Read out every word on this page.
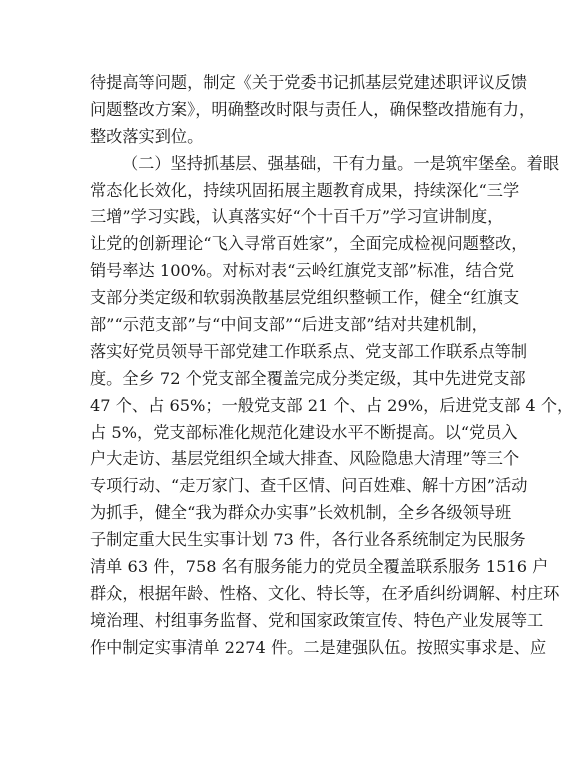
待提高等问题，制定《关于党委书记抓基层党建述职评议反馈
问题整改方案》，明确整改时限与责任人，确保整改措施有力，
整改落实到位。
（二）坚持抓基层、强基础，干有力量。一是筑牢堡垒。着眼
常态化长效化，持续巩固拓展主题教育成果，持续深化“三学
三增”学习实践，认真落实好“个十百千万”学习宣讲制度，
让党的创新理论“飞入寻常百姓家”，全面完成检视问题整改，
销号率达 100%。对标对表“云岭红旗党支部”标准，结合党
支部分类定级和软弱涣散基层党组织整顿工作，健全“红旗支
部”“示范支部”与“中间支部”“后进支部”结对共建机制，
落实好党员领导干部党建工作联系点、党支部工作联系点等制
度。全乡 72 个党支部全覆盖完成分类定级，其中先进党支部
47 个、占 65%；一般党支部 21 个、占 29%，后进党支部 4 个，
占 5%，党支部标准化规范化建设水平不断提高。以“党员入
户大走访、基层党组织全域大排查、风险隐患大清理”等三个
专项行动、“走万家门、查千区情、问百姓难、解十方困”活动
为抓手，健全“我为群众办实事”长效机制，全乡各级领导班
子制定重大民生实事计划 73 件，各行业各系统制定为民服务
清单 63 件，758 名有服务能力的党员全覆盖联系服务 1516 户
群众，根据年龄、性格、文化、特长等，在矛盾纠纷调解、村庄环
境治理、村组事务监督、党和国家政策宣传、特色产业发展等工
作中制定实事清单 2274 件。二是建强队伍。按照实事求是、应
